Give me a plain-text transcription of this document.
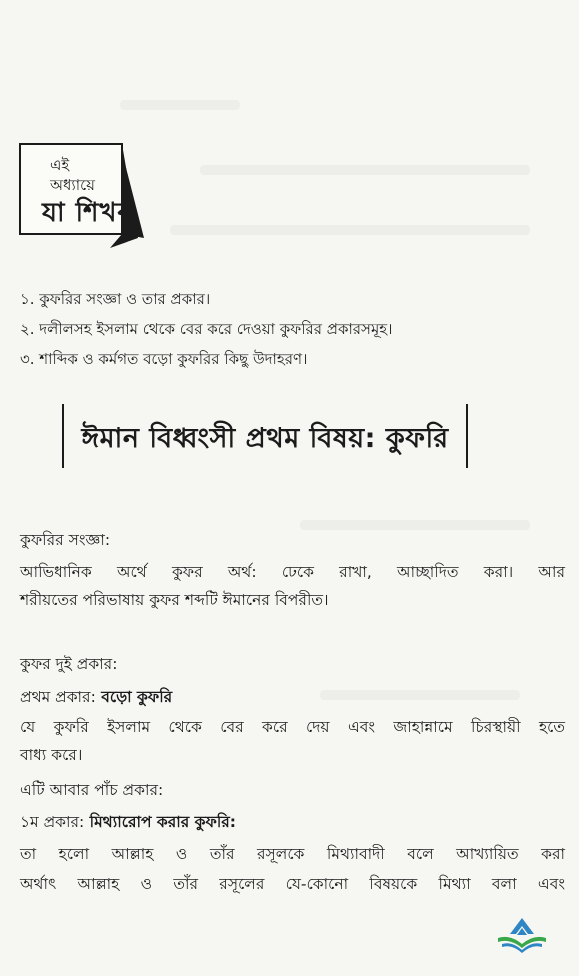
এই
অধ্যায়ে
যা শিখব
১. কুফরির সংজ্ঞা ও তার প্রকার।
২. দলীলসহ ইসলাম থেকে বের করে দেওয়া কুফরির প্রকারসমূহ।
৩. শাব্দিক ও কর্মগত বড়ো কুফরির কিছু উদাহরণ।
ঈমান বিধ্বংসী প্রথম বিষয়: কুফরি
কুফরির সংজ্ঞা:
আভিধানিক অর্থে কুফর অর্থ: ঢেকে রাখা, আচ্ছাদিত করা। আর
শরীয়তের পরিভাষায় কুফর শব্দটি ঈমানের বিপরীত।
কুফর দুই প্রকার:
প্রথম প্রকার: বড়ো কুফরি
যে কুফরি ইসলাম থেকে বের করে দেয় এবং জাহান্নামে চিরস্থায়ী হতে
বাধ্য করে।
এটি আবার পাঁচ প্রকার:
১ম প্রকার: মিথ্যারোপ করার কুফরি:
তা হলো আল্লাহ ও তাঁর রসূলকে মিথ্যাবাদী বলে আখ্যায়িত করা
অর্থাৎ আল্লাহ ও তাঁর রসূলের যে-কোনো বিষয়কে মিথ্যা বলা এবং
